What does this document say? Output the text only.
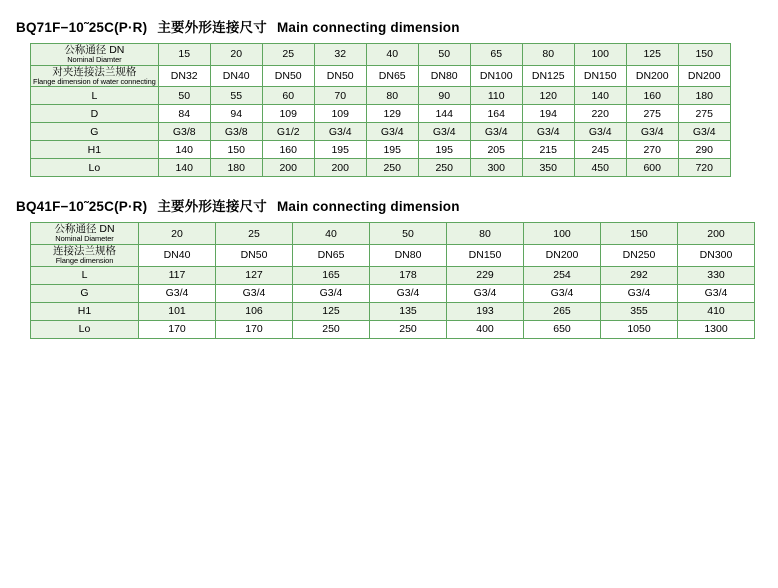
BQ71F−10˜25C(P·R) 主要外形连接尺寸 Main connecting dimension
公称通径 DN
Nominal Diamter	15	20	25	32	40	50	65	80	100	125	150

对夹连接法兰规格
Flange dimension of water connecting	DN32	DN40	DN50	DN50	DN65	DN80	DN100	DN125	DN150	DN200	DN200
L	50	55	60	70	80	90	110	120	140	160	180
D	84	94	109	109	129	144	164	194	220	275	275
G	G3/8	G3/8	G1/2	G3/4	G3/4	G3/4	G3/4	G3/4	G3/4	G3/4	G3/4
H1	140	150	160	195	195	195	205	215	245	270	290
Lo	140	180	200	200	250	250	300	350	450	600	720
BQ41F−10˜25C(P·R) 主要外形连接尺寸 Main connecting dimension
公称通径 DN
Nominal Diameter	20	25	40	50	80	100	150	200

连接法兰规格
Flange dimension	DN40	DN50	DN65	DN80	DN150	DN200	DN250	DN300
L	117	127	165	178	229	254	292	330
G	G3/4	G3/4	G3/4	G3/4	G3/4	G3/4	G3/4	G3/4
H1	101	106	125	135	193	265	355	410
Lo	170	170	250	250	400	650	1050	1300
